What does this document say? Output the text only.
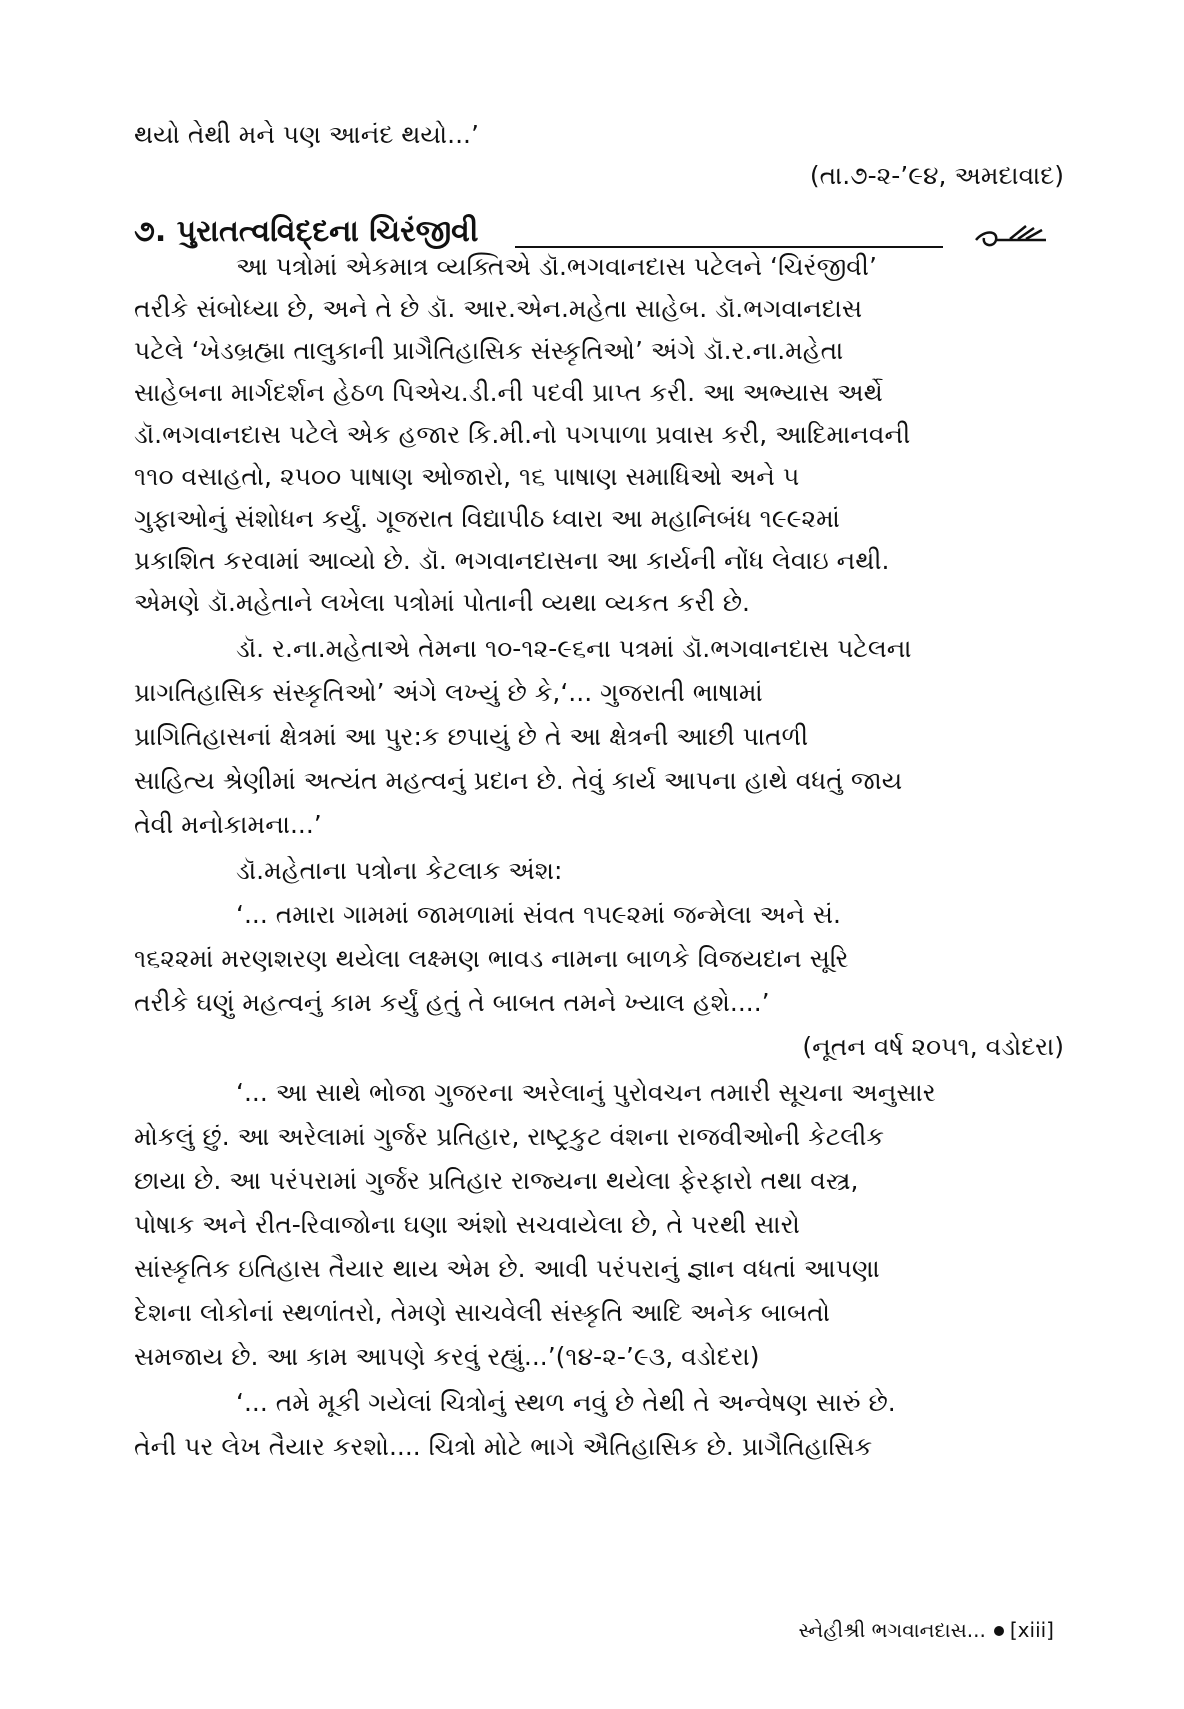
થયો તેથી મને પણ આનંદ થયો...’
(તા.૭-૨-’૯૪, અમદાવાદ)
૭. પુરાતત્વવિદ્દના ચિરંજીવી
આ પત્રોમાં એકમાત્ર વ્યક્તિએ ડૉ.ભગવાનદાસ પટેલને ‘ચિરંજીવી’
તરીકે સંબોધ્યા છે, અને તે છે ડૉ. આર.એન.મહેતા સાહેબ. ડૉ.ભગવાનદાસ
પટેલે ‘ખેડબ્રહ્મા તાલુકાની પ્રાગૈતિહાસિક સંસ્કૃતિઓ’ અંગે ડૉ.ર.ના.મહેતા
સાહેબના માર્ગદર્શન હેઠળ પિએચ.ડી.ની પદવી પ્રાપ્ત કરી. આ અભ્યાસ અર્થે
ડૉ.ભગવાનદાસ પટેલે એક હજાર કિ.મી.નો પગપાળા પ્રવાસ કરી, આદિમાનવની
૧૧૦ વસાહતો, ૨૫૦૦ પાષાણ ઓજારો, ૧૬ પાષાણ સમાધિઓ અને ૫
ગુફાઓનું સંશોધન કર્યું. ગૂજરાત વિદ્યાપીઠ ધ્વારા આ મહાનિબંધ ૧૯૯૨માં
પ્રકાશિત કરવામાં આવ્યો છે. ડૉ. ભગવાનદાસના આ કાર્યની નોંધ લેવાઇ નથી.
એમણે ડૉ.મહેતાને લખેલા પત્રોમાં પોતાની વ્યથા વ્યકત કરી છે.
ડૉ. ર.ના.મહેતાએ તેમના ૧૦-૧૨-૯૬ના પત્રમાં ડૉ.ભગવાનદાસ પટેલના
પ્રાગતિહાસિક સંસ્કૃતિઓ’ અંગે લખ્યું છે કે,‘... ગુજરાતી ભાષામાં
પ્રાગિતિહાસનાં ક્ષેત્રમાં આ પુર:ક છપાયું છે તે આ ક્ષેત્રની આછી પાતળી
સાહિત્ય શ્રેણીમાં અત્યંત મહત્વનું પ્રદાન છે. તેવું કાર્ય આપના હાથે વધતું જાય
તેવી મનોકામના...’
ડૉ.મહેતાના પત્રોના કેટલાક અંશ:
‘... તમારા ગામમાં જામળામાં સંવત ૧૫૯૨માં જન્મેલા અને સં.
૧૬૨૨માં મરણશરણ થયેલા લક્ષ્મણ ભાવડ નામના બાળકે વિજયદાન સૂરિ
તરીકે ઘણું મહત્વનું કામ કર્યું હતું તે બાબત તમને ખ્યાલ હશે....’
(નૂતન વર્ષ ૨૦૫૧, વડોદરા)
‘... આ સાથે ભોજા ગુજરના અરેલાનું પુરોવચન તમારી સૂચના અનુસાર
મોકલું છું. આ અરેલામાં ગુર્જર પ્રતિહાર, રાષ્ટ્રકુટ વંશના રાજવીઓની કેટલીક
છાયા છે. આ પરંપરામાં ગુર્જર પ્રતિહાર રાજ્યના થયેલા ફેરફારો તથા વસ્ત્ર,
પોષાક અને રીત-રિવાજોના ઘણા અંશો સચવાયેલા છે, તે પરથી સારો
સાંસ્કૃતિક ઇતિહાસ તૈયાર થાય એમ છે. આવી પરંપરાનું જ્ઞાન વધતાં આપણા
દેશના લોકોનાં સ્થળાંતરો, તેમણે સાચવેલી સંસ્કૃતિ આદિ અનેક બાબતો
સમજાય છે. આ કામ આપણે કરવું રહ્યું...’(૧૪-૨-’૯૩, વડોદરા)
‘... તમે મૂકી ગયેલાં ચિત્રોનું સ્થળ નવું છે તેથી તે અન્વેષણ સારું છે.
તેની પર લેખ તૈયાર કરશો.... ચિત્રો મોટે ભાગે ઐતિહાસિક છે. પ્રાગૈતિહાસિક
સ્નેહીશ્રી ભગવાનદાસ... [xiii]
